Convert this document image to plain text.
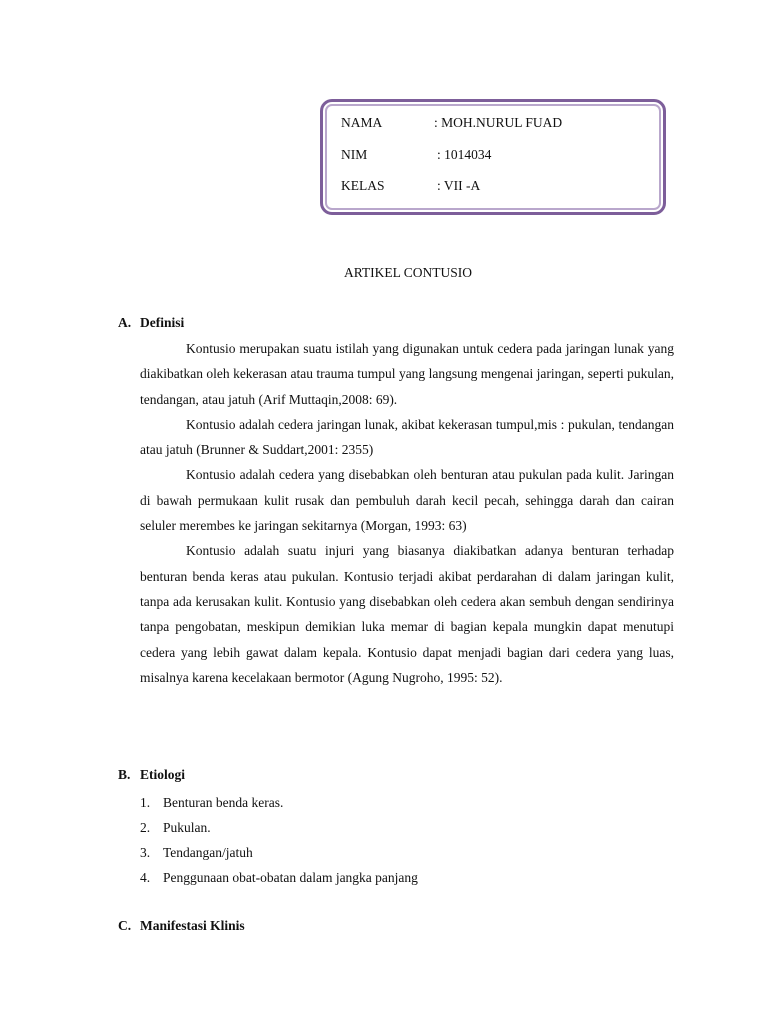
NAMA	: MOH.NURUL FUAD
NIM	: 1014034
KELAS	: VII -A
ARTIKEL CONTUSIO
A. Definisi

Kontusio merupakan suatu istilah yang digunakan untuk cedera pada jaringan lunak yang diakibatkan oleh kekerasan atau trauma tumpul yang langsung mengenai jaringan, seperti pukulan, tendangan, atau jatuh (Arif Muttaqin,2008: 69).

Kontusio adalah cedera jaringan lunak, akibat kekerasan tumpul,mis : pukulan, tendangan atau jatuh (Brunner & Suddart,2001: 2355)

Kontusio adalah cedera yang disebabkan oleh benturan atau pukulan pada kulit. Jaringan di bawah permukaan kulit rusak dan pembuluh darah kecil pecah, sehingga darah dan cairan seluler merembes ke jaringan sekitarnya (Morgan, 1993: 63)

Kontusio adalah suatu injuri yang biasanya diakibatkan adanya benturan terhadap benturan benda keras atau pukulan. Kontusio terjadi akibat perdarahan di dalam jaringan kulit, tanpa ada kerusakan kulit. Kontusio yang disebabkan oleh cedera akan sembuh dengan sendirinya tanpa pengobatan, meskipun demikian luka memar di bagian kepala mungkin dapat menutupi cedera yang lebih gawat dalam kepala. Kontusio dapat menjadi bagian dari cedera yang luas, misalnya karena kecelakaan bermotor (Agung Nugroho, 1995: 52).

B. Etiologi
1. Benturan benda keras.
2. Pukulan.
3. Tendangan/jatuh
4. Penggunaan obat-obatan dalam jangka panjang
C. Manifestasi Klinis
